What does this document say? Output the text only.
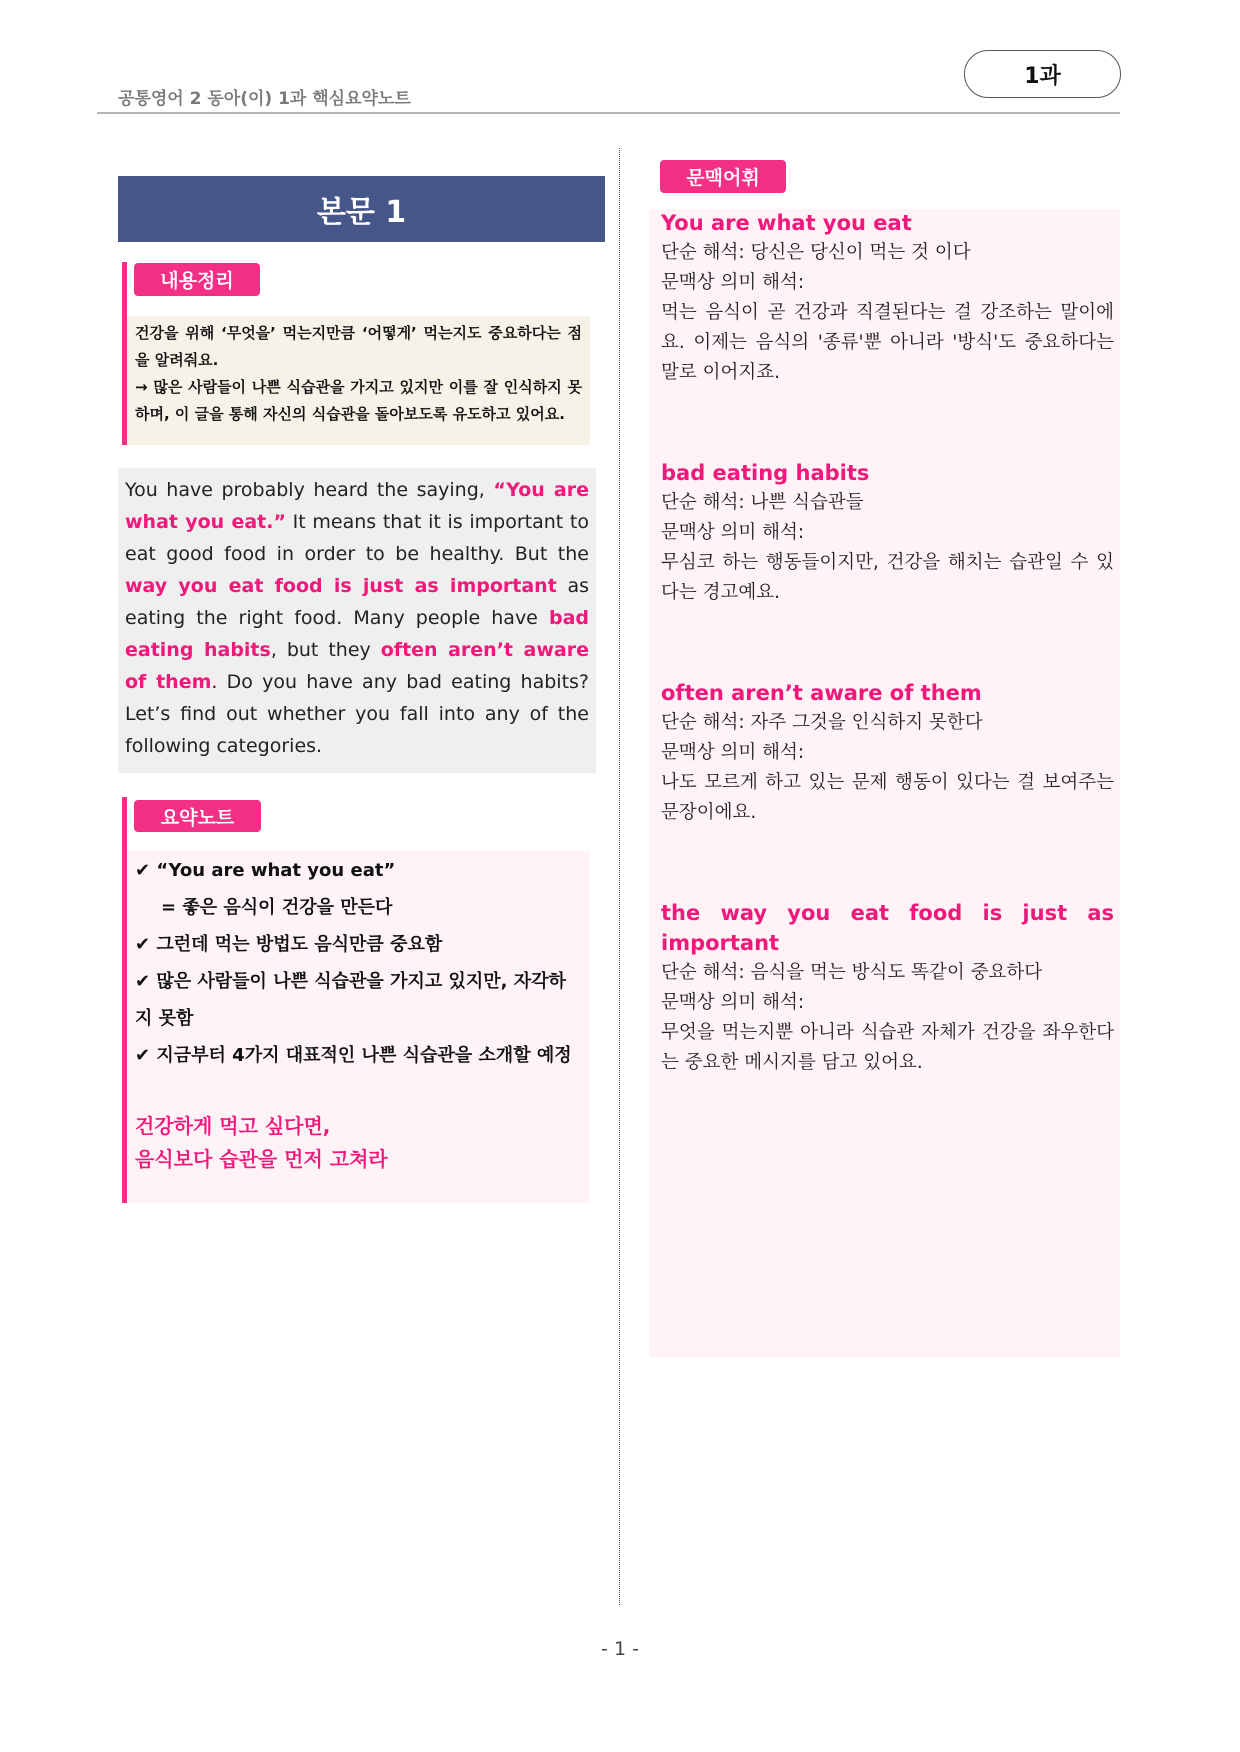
공통영어 2 동아(이) 1과 핵심요약노트
1과
본문 1
내용정리
건강을 위해 ‘무엇을’ 먹는지만큼 ‘어떻게’ 먹는지도 중요하다는 점을 알려줘요.
→ 많은 사람들이 나쁜 식습관을 가지고 있지만 이를 잘 인식하지 못하며, 이 글을 통해 자신의 식습관을 돌아보도록 유도하고 있어요.
You have probably heard the saying, “You are what you eat.” It means that it is important to eat good food in order to be healthy. But the way you eat food is just as important as eating the right food. Many people have bad eating habits, but they often aren’t aware of them. Do you have any bad eating habits? Let’s find out whether you fall into any of the following categories.
요약노트
✔ “You are what you eat”
= 좋은 음식이 건강을 만든다
✔ 그런데 먹는 방법도 음식만큼 중요함
✔ 많은 사람들이 나쁜 식습관을 가지고 있지만, 자각하
지 못함
✔ 지금부터 4가지 대표적인 나쁜 식습관을 소개할 예정
건강하게 먹고 싶다면,
음식보다 습관을 먼저 고쳐라
문맥어휘
You are what you eat
단순 해석: 당신은 당신이 먹는 것 이다
문맥상 의미 해석:
먹는 음식이 곧 건강과 직결된다는 걸 강조하는 말이에요. 이제는 음식의 '종류'뿐 아니라 '방식'도 중요하다는 말로 이어지죠.
bad eating habits
단순 해석: 나쁜 식습관들
문맥상 의미 해석:
무심코 하는 행동들이지만, 건강을 해치는 습관일 수 있다는 경고예요.
often aren’t aware of them
단순 해석: 자주 그것을 인식하지 못한다
문맥상 의미 해석:
나도 모르게 하고 있는 문제 행동이 있다는 걸 보여주는 문장이에요.
the way you eat food is just as important
단순 해석: 음식을 먹는 방식도 똑같이 중요하다
문맥상 의미 해석:
무엇을 먹는지뿐 아니라 식습관 자체가 건강을 좌우한다는 중요한 메시지를 담고 있어요.
- 1 -
